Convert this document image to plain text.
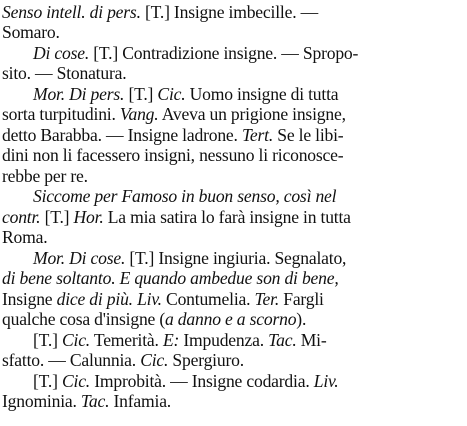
Senso intell. di pers. [T.] Insigne imbecille. —
Somaro.
Di cose. [T.] Contradizione insigne. — Spropo-
sito. — Stonatura.
Mor. Di pers. [T.] Cic. Uomo insigne di tutta
sorta turpitudini. Vang. Aveva un prigione insigne,
detto Barabba. — Insigne ladrone. Tert. Se le libi-
dini non li facessero insigni, nessuno li riconosce-
rebbe per re.
Siccome per Famoso in buon senso, così nel
contr. [T.] Hor. La mia satira lo farà insigne in tutta
Roma.
Mor. Di cose. [T.] Insigne ingiuria. Segnalato,
di bene soltanto. E quando ambedue son di bene,
Insigne dice di più. Liv. Contumelia. Ter. Fargli
qualche cosa d'insigne (a danno e a scorno).
[T.] Cic. Temerità. E: Impudenza. Tac. Mi-
sfatto. — Calunnia. Cic. Spergiuro.
[T.] Cic. Improbità. — Insigne codardia. Liv.
Ignominia. Tac. Infamia.
